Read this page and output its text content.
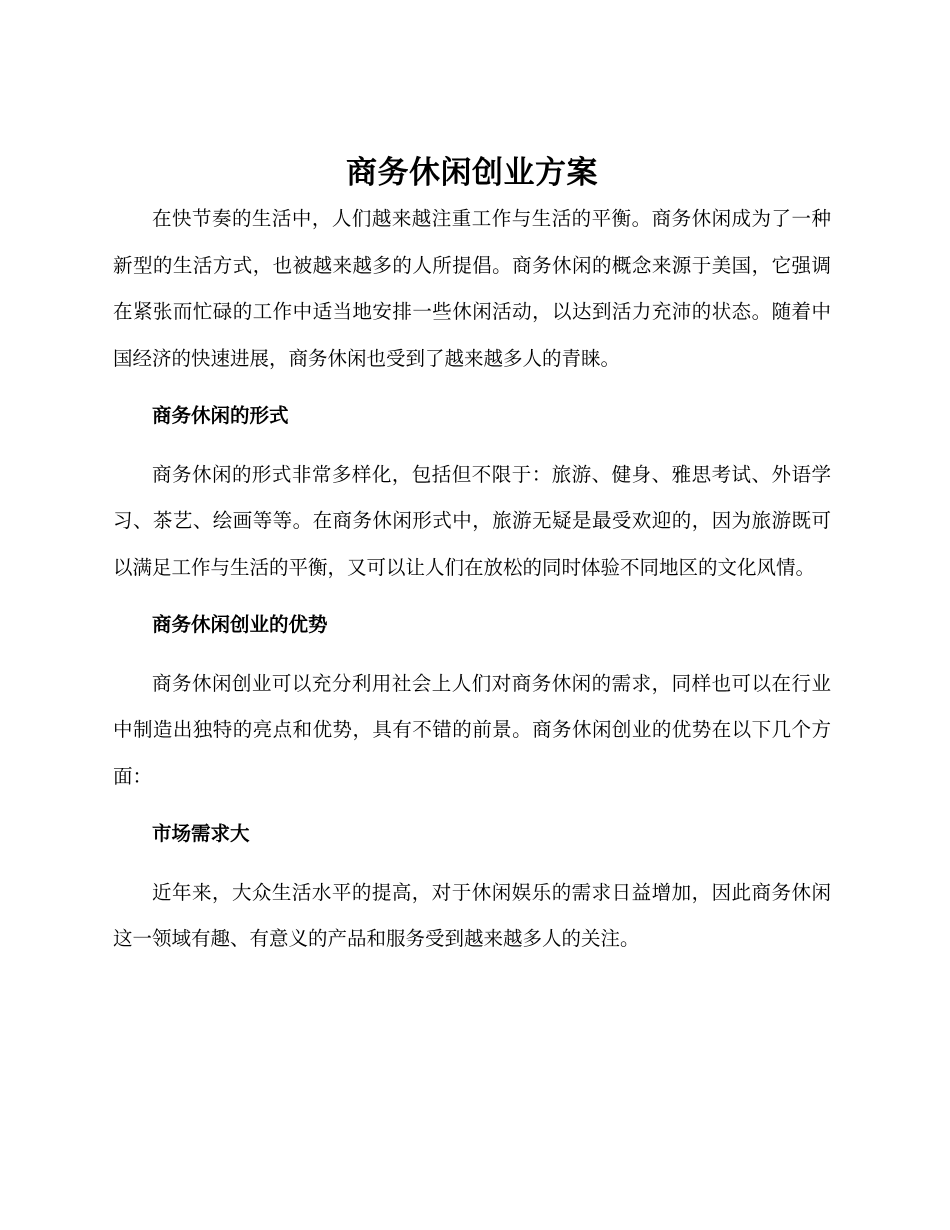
商务休闲创业方案

在快节奏的生活中，人们越来越注重工作与生活的平衡。商务休闲成为了一种新型的生活方式，也被越来越多的人所提倡。商务休闲的概念来源于美国，它强调在紧张而忙碌的工作中适当地安排一些休闲活动，以达到活力充沛的状态。随着中国经济的快速进展，商务休闲也受到了越来越多人的青睐。

商务休闲的形式

商务休闲的形式非常多样化，包括但不限于：旅游、健身、雅思考试、外语学习、茶艺、绘画等等。在商务休闲形式中，旅游无疑是最受欢迎的，因为旅游既可以满足工作与生活的平衡，又可以让人们在放松的同时体验不同地区的文化风情。

商务休闲创业的优势

商务休闲创业可以充分利用社会上人们对商务休闲的需求，同样也可以在行业中制造出独特的亮点和优势，具有不错的前景。商务休闲创业的优势在以下几个方面：

市场需求大

近年来，大众生活水平的提高，对于休闲娱乐的需求日益增加，因此商务休闲这一领域有趣、有意义的产品和服务受到越来越多人的关注。
